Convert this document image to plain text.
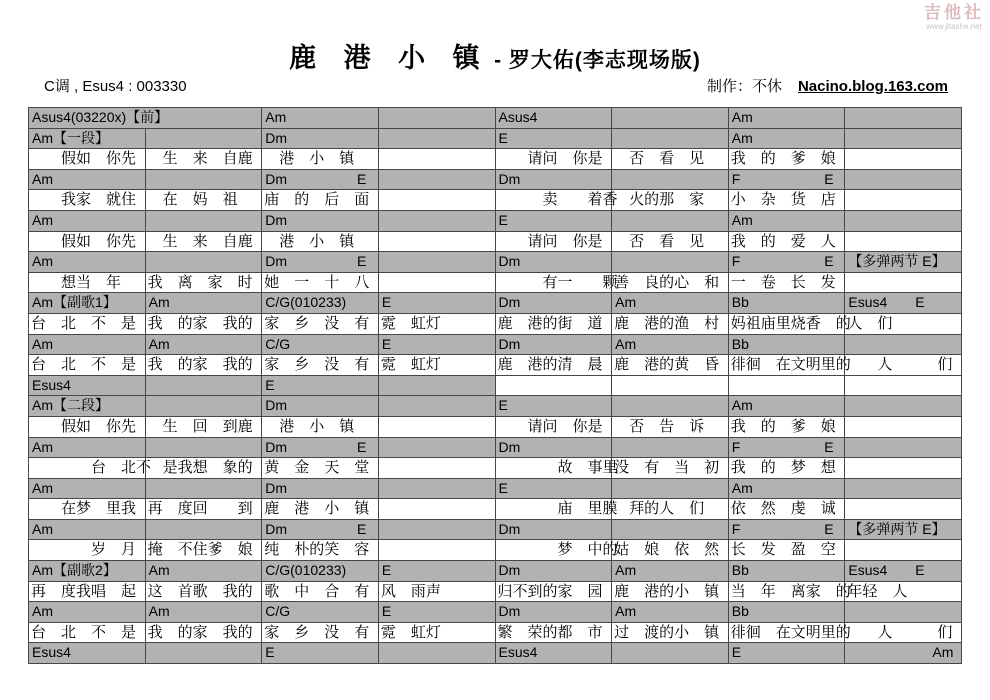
吉他社
www.jitashe.net
鹿 港 小 镇 - 罗大佑(李志现场版)
C调 , Esus4 : 003330	制作：不休 Nacino.blog.163.com
Asus4(03220x)【前】		Am		Asus4		Am	
Am【一段】		Dm		E		Am	
　　假如　你先	　生　来　自鹿	　港　小　镇		　　请问　你是	　否　看　见	我　的　爹　娘	
Am		Dm　　　　　E		Dm		F　　　　　　E	
　　我家　就住	　在　妈　祖	庙　的　后　面		　　　卖　　着香	　火的那　家	小　杂　货　店	
Am		Dm		E		Am	
　　假如　你先	　生　来　自鹿	　港　小　镇		　　请问　你是	　否　看　见	我　的　爱　人	
Am		Dm　　　　　E		Dm		F　　　　　　E	【多弹两节 E】
　　想当　年	我　离　家　时	她　一　十　八		　　　有一　　颗	善　良的心　和	一　卷　长　发	
Am【副歌1】	Am	C/G(010233)	E	Dm	Am	Bb	Esus4　　E
台　北　不　是	我　的家　我的	家　乡　没　有	霓　虹灯	鹿　港的街　道	鹿　港的渔　村	妈祖庙里烧香　的	人　们
Am	Am	C/G	E	Dm	Am	Bb	
台　北　不　是	我　的家　我的	家　乡　没　有	霓　虹灯	鹿　港的清　晨	鹿　港的黄　昏	徘徊　在文明里的	　　人　　　们
Esus4		E					
Am【二段】		Dm		E		Am	
　　假如　你先	　生　回　到鹿	　港　小　镇		　　请问　你是	　否　告　诉	我　的　爹　娘	
Am		Dm　　　　　E		Dm		F　　　　　　E	
　　　　台　北不	　是我想　象的	黄　金　天　堂		　　　　故　事里	没　有　当　初	我　的　梦　想	
Am		Dm		E		Am	
　　在梦　里我	再　度回　　到	鹿　港　小　镇		　　　　庙　里膜	　拜的人　们	依　然　虔　诚	
Am		Dm　　　　　E		Dm		F　　　　　　E	【多弹两节 E】
　　　　岁　月	掩　不住爹　娘	纯　朴的笑　容		　　　　梦　中的	姑　娘　依　然	长　发　盈　空	
Am【副歌2】	Am	C/G(010233)	E	Dm	Am	Bb	Esus4　　E
再　度我唱　起	这　首歌　我的	歌　中　合　有	风　雨声	归不到的家　园	鹿　港的小　镇	当　年　离家　的	年轻　人
Am	Am	C/G	E	Dm	Am	Bb	
台　北　不　是	我　的家　我的	家　乡　没　有	霓　虹灯	繁　荣的都　市	过　渡的小　镇	徘徊　在文明里的	　　人　　　们
Esus4		E		Esus4		E	　　　　　　Am
